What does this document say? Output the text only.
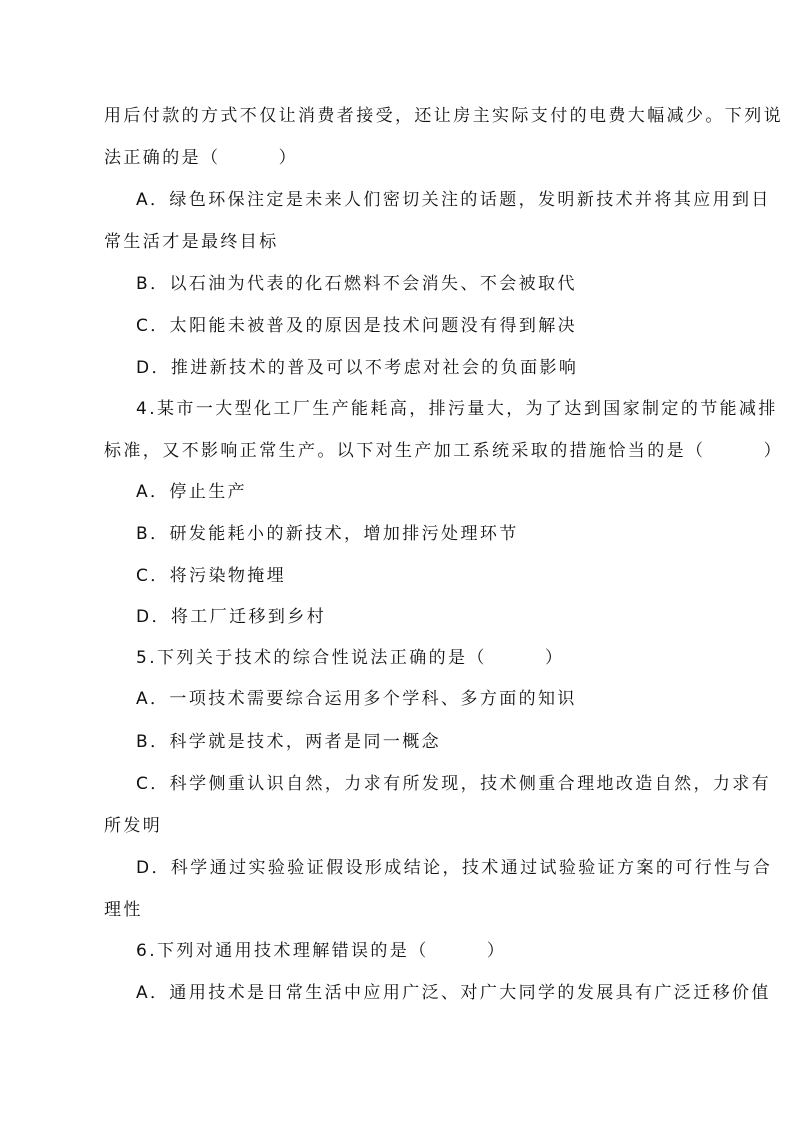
用后付款的方式不仅让消费者接受，还让房主实际支付的电费大幅减少。下列说
法正确的是（　　　）
A．绿色环保注定是未来人们密切关注的话题，发明新技术并将其应用到日
常生活才是最终目标
B．以石油为代表的化石燃料不会消失、不会被取代
C．太阳能未被普及的原因是技术问题没有得到解决
D．推进新技术的普及可以不考虑对社会的负面影响
4.某市一大型化工厂生产能耗高，排污量大，为了达到国家制定的节能减排
标准，又不影响正常生产。以下对生产加工系统采取的措施恰当的是（　　　）
A．停止生产
B．研发能耗小的新技术，增加排污处理环节
C．将污染物掩埋
D．将工厂迁移到乡村
5.下列关于技术的综合性说法正确的是（　　　）
A．一项技术需要综合运用多个学科、多方面的知识
B．科学就是技术，两者是同一概念
C．科学侧重认识自然，力求有所发现，技术侧重合理地改造自然，力求有
所发明
D．科学通过实验验证假设形成结论，技术通过试验验证方案的可行性与合
理性
6.下列对通用技术理解错误的是（　　　）
A．通用技术是日常生活中应用广泛、对广大同学的发展具有广泛迁移价值
